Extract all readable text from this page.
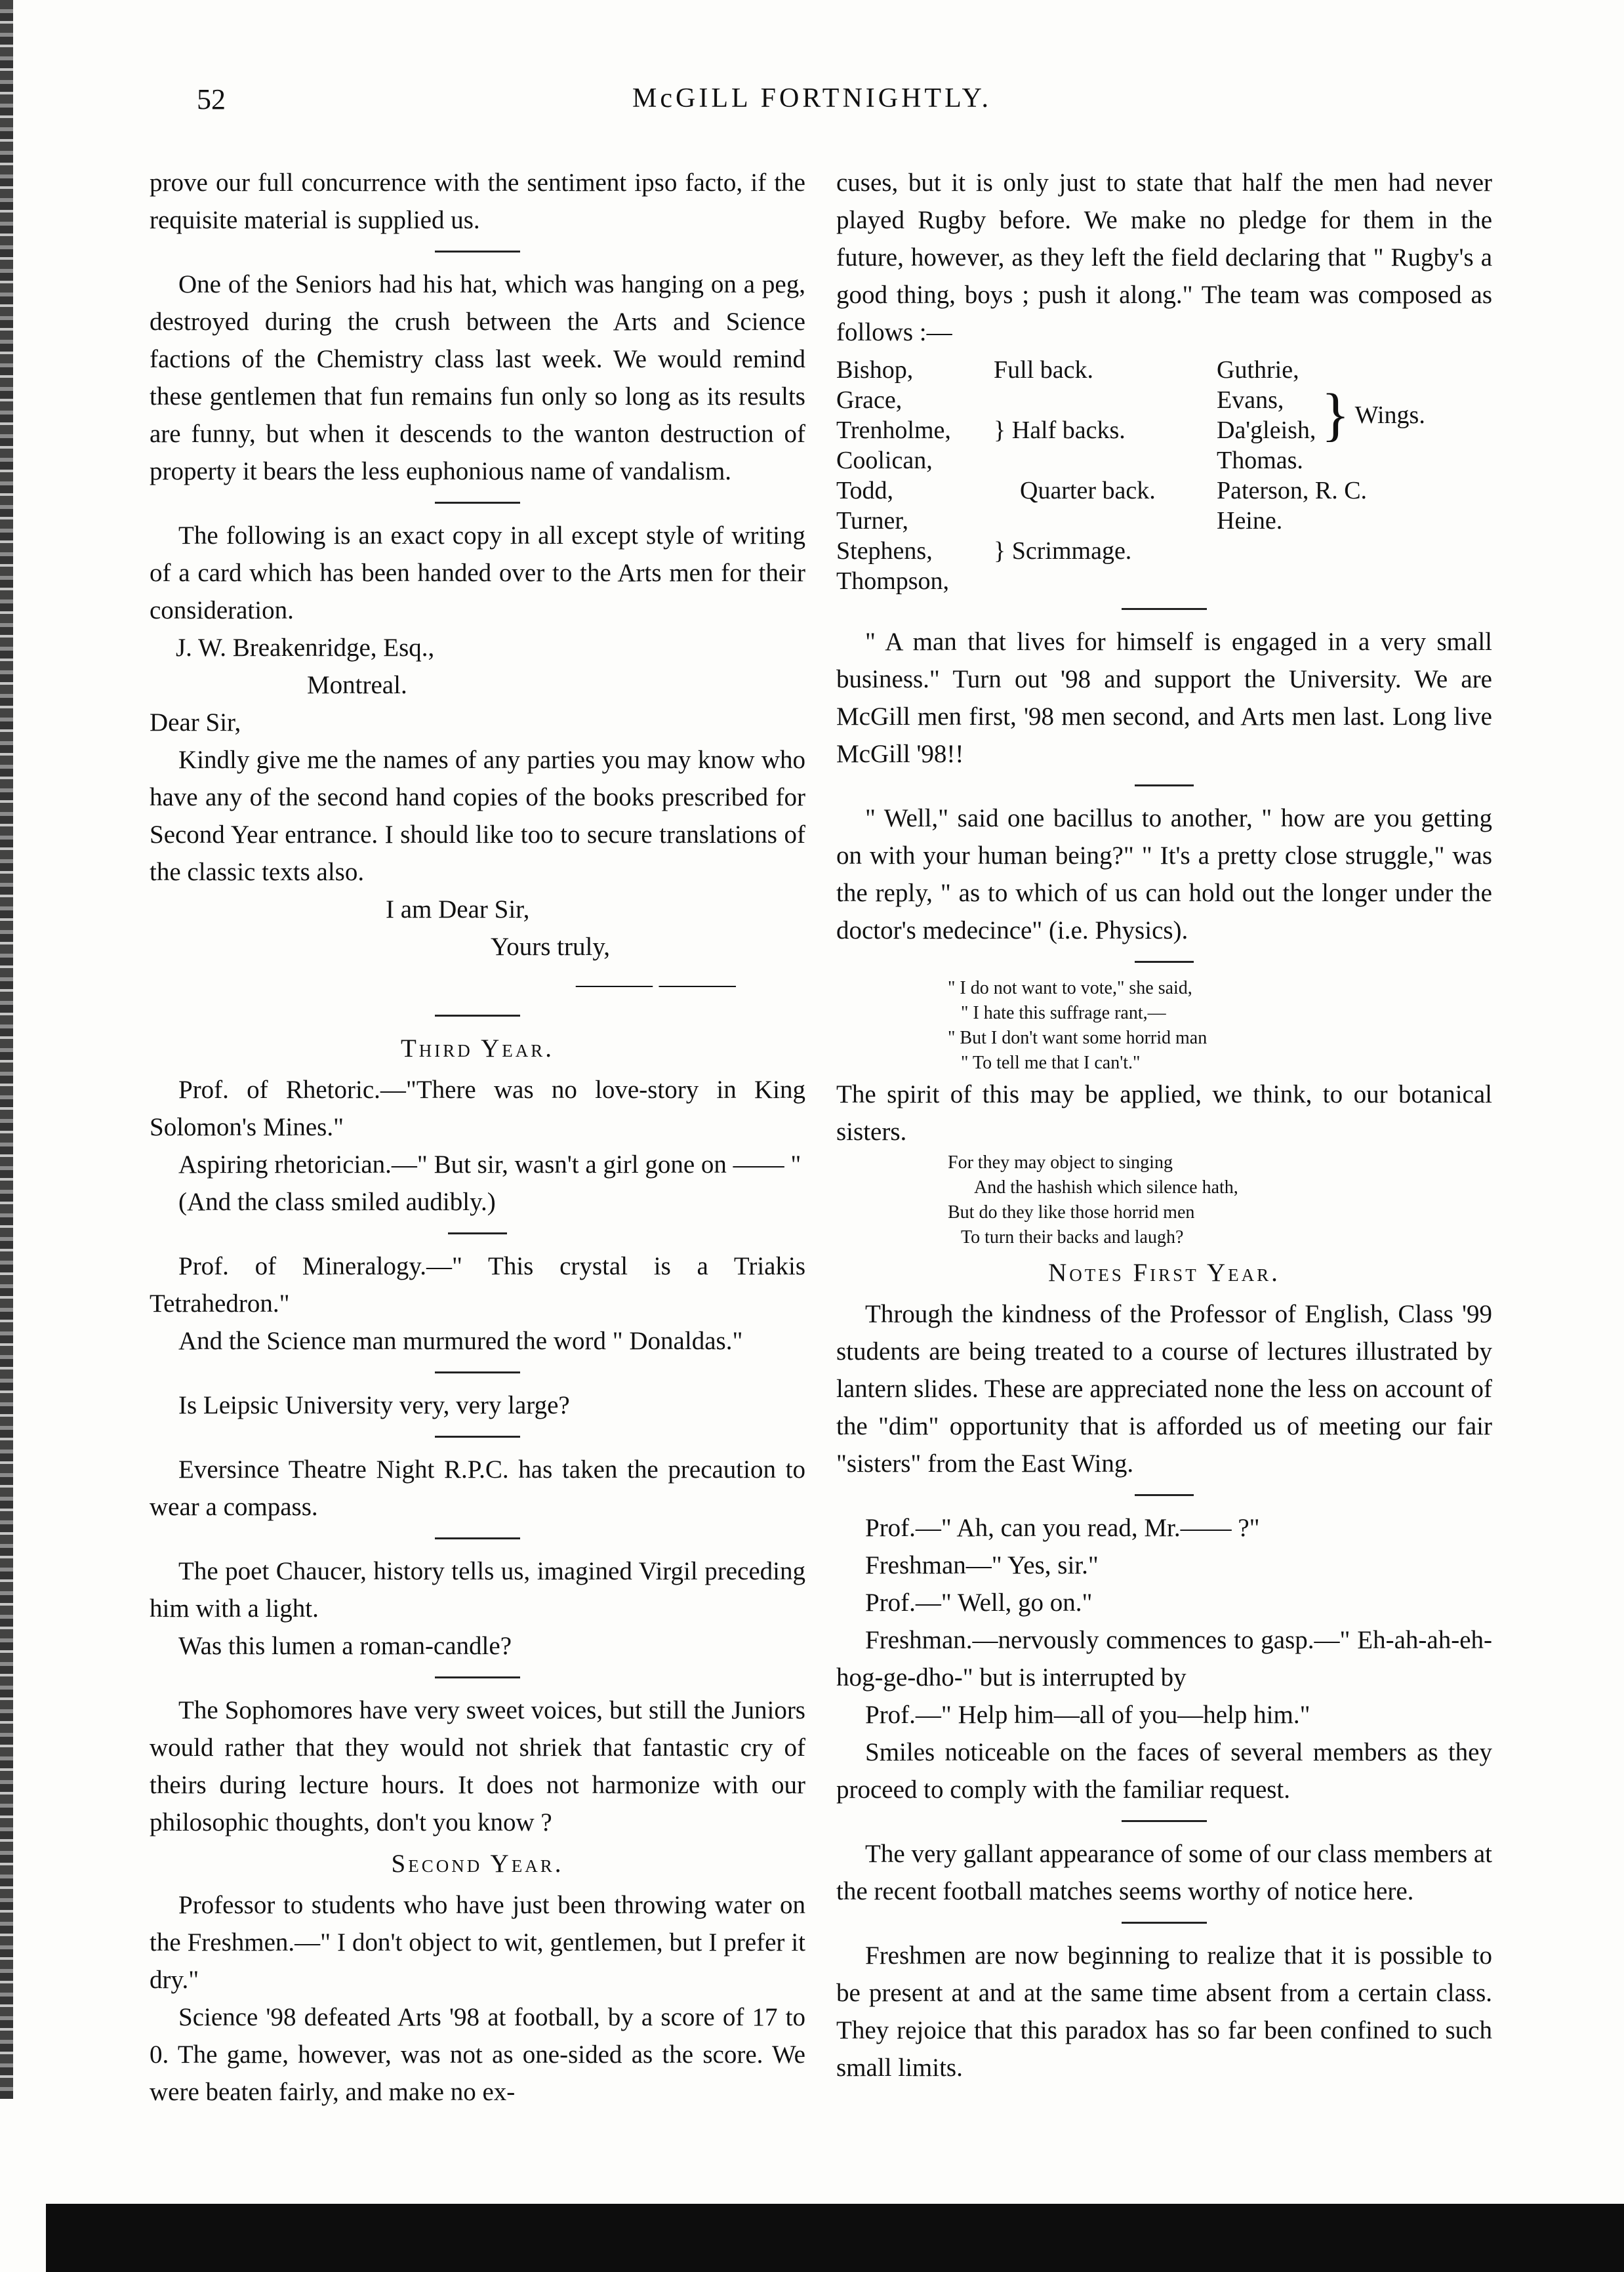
52	McGILL FORTNIGHTLY.

prove our full concurrence with the sentiment ipso facto, if the requisite material is supplied us.

One of the Seniors had his hat, which was hanging on a peg, destroyed during the crush between the Arts and Science factions of the Chemistry class last week. We would remind these gentlemen that fun remains fun only so long as its results are funny, but when it descends to the wanton destruction of property it bears the less euphonious name of vandalism.

The following is an exact copy in all except style of writing of a card which has been handed over to the Arts men for their consideration.

J. W. Breakenridge, Esq.,

Montreal.

Dear Sir,

Kindly give me the names of any parties you may know who have any of the second hand copies of the books prescribed for Second Year entrance. I should like too to secure translations of the classic texts also.

I am Dear Sir,

Yours truly,

——— ———

Third Year.

Prof. of Rhetoric.—"There was no love-story in King Solomon's Mines."

Aspiring rhetorician.—" But sir, wasn't a girl gone on —— "

(And the class smiled audibly.)

Prof. of Mineralogy.—" This crystal is a Triakis Tetrahedron."

And the Science man murmured the word " Donaldas."

Is Leipsic University very, very large?

Eversince Theatre Night R.P.C. has taken the precaution to wear a compass.

The poet Chaucer, history tells us, imagined Virgil preceding him with a light.

Was this lumen a roman-candle?

The Sophomores have very sweet voices, but still the Juniors would rather that they would not shriek that fantastic cry of theirs during lecture hours. It does not harmonize with our philosophic thoughts, don't you know ?

Second Year.

Professor to students who have just been throwing water on the Freshmen.—" I don't object to wit, gentlemen, but I prefer it dry."

Science '98 defeated Arts '98 at football, by a score of 17 to 0. The game, however, was not as one-sided as the score. We were beaten fairly, and make no ex-

cuses, but it is only just to state that half the men had never played Rugby before. We make no pledge for them in the future, however, as they left the field declaring that " Rugby's a good thing, boys ; push it along." The team was composed as follows :—

Bishop,
Grace,
Trenholme,
Coolican,
Todd,
Turner,
Stephens,
Thompson,
Full back.
} Half backs.
Quarter back.
} Scrimmage.
Guthrie,
Evans,
Da'gleish,
Thomas.
} Wings.
Paterson, R. C.
Heine.

" A man that lives for himself is engaged in a very small business." Turn out '98 and support the University. We are McGill men first, '98 men second, and Arts men last. Long live McGill '98!!

" Well," said one bacillus to another, " how are you getting on with your human being?" " It's a pretty close struggle," was the reply, " as to which of us can hold out the longer under the doctor's medecince" (i.e. Physics).

" I do not want to vote," she said,
" I hate this suffrage rant,—
" But I don't want some horrid man
" To tell me that I can't."

The spirit of this may be applied, we think, to our botanical sisters.

For they may object to singing
And the hashish which silence hath,
But do they like those horrid men
To turn their backs and laugh?

Notes First Year.

Through the kindness of the Professor of English, Class '99 students are being treated to a course of lectures illustrated by lantern slides. These are appreciated none the less on account of the "dim" opportunity that is afforded us of meeting our fair "sisters" from the East Wing.

Prof.—" Ah, can you read, Mr.—— ?"

Freshman—" Yes, sir."

Prof.—" Well, go on."

Freshman.—nervously commences to gasp.—" Eh-ah-ah-eh-hog-ge-dho-" but is interrupted by

Prof.—" Help him—all of you—help him."

Smiles noticeable on the faces of several members as they proceed to comply with the familiar request.

The very gallant appearance of some of our class members at the recent football matches seems worthy of notice here.

Freshmen are now beginning to realize that it is possible to be present at and at the same time absent from a certain class. They rejoice that this paradox has so far been confined to such small limits.
